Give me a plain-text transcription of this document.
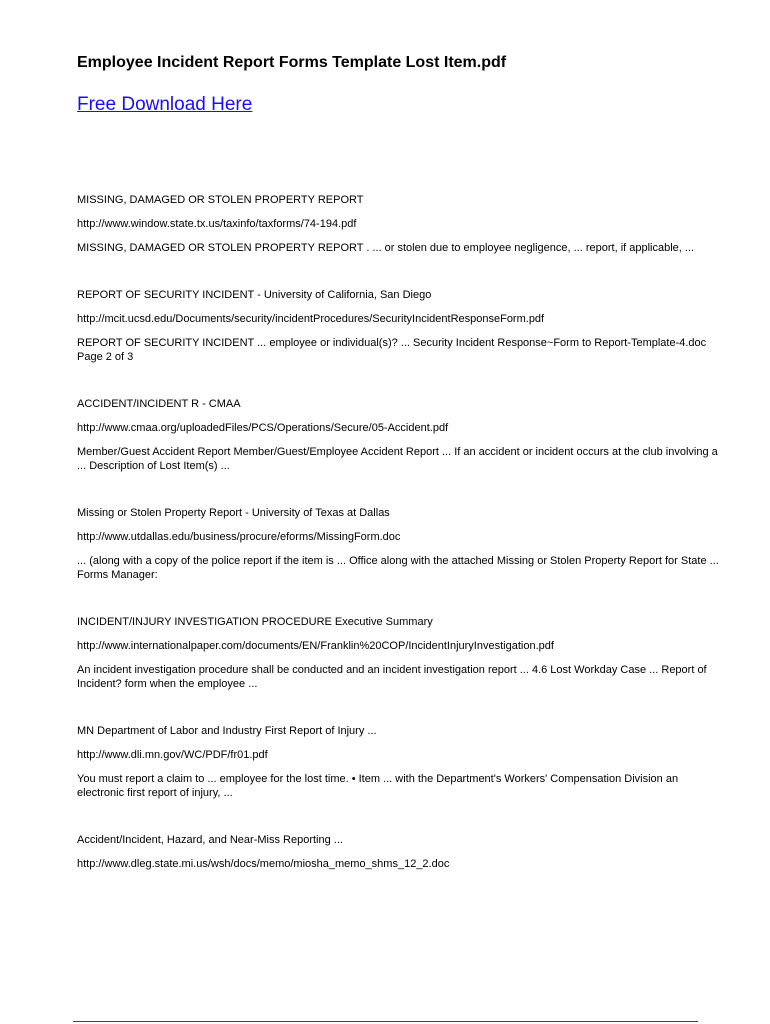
Employee Incident Report Forms Template Lost Item.pdf
Free Download Here

MISSING, DAMAGED OR STOLEN PROPERTY REPORT

http://www.window.state.tx.us/taxinfo/taxforms/74-194.pdf

MISSING, DAMAGED OR STOLEN PROPERTY REPORT . ... or stolen due to employee negligence, ... report, if applicable, ...

REPORT OF SECURITY INCIDENT - University of California, San Diego

http://mcit.ucsd.edu/Documents/security/incidentProcedures/SecurityIncidentResponseForm.pdf

REPORT OF SECURITY INCIDENT ... employee or individual(s)? ... Security Incident Response~Form to Report-Template-4.doc Page 2 of 3

ACCIDENT/INCIDENT R - CMAA

http://www.cmaa.org/uploadedFiles/PCS/Operations/Secure/05-Accident.pdf

Member/Guest Accident Report Member/Guest/Employee Accident Report ... If an accident or incident occurs at the club involving a ... Description of Lost Item(s) ...

Missing or Stolen Property Report - University of Texas at Dallas

http://www.utdallas.edu/business/procure/eforms/MissingForm.doc

... (along with a copy of the police report if the item is ... Office along with the attached Missing or Stolen Property Report for State ... Forms Manager:

INCIDENT/INJURY INVESTIGATION PROCEDURE Executive Summary

http://www.internationalpaper.com/documents/EN/Franklin%20COP/IncidentInjuryInvestigation.pdf

An incident investigation procedure shall be conducted and an incident investigation report ... 4.6 Lost Workday Case ... Report of Incident? form when the employee ...

MN Department of Labor and Industry First Report of Injury ...

http://www.dli.mn.gov/WC/PDF/fr01.pdf

You must report a claim to ... employee for the lost time. • Item ... with the Department's Workers' Compensation Division an electronic first report of injury, ...

Accident/Incident, Hazard, and Near-Miss Reporting ...

http://www.dleg.state.mi.us/wsh/docs/memo/miosha_memo_shms_12_2.doc
